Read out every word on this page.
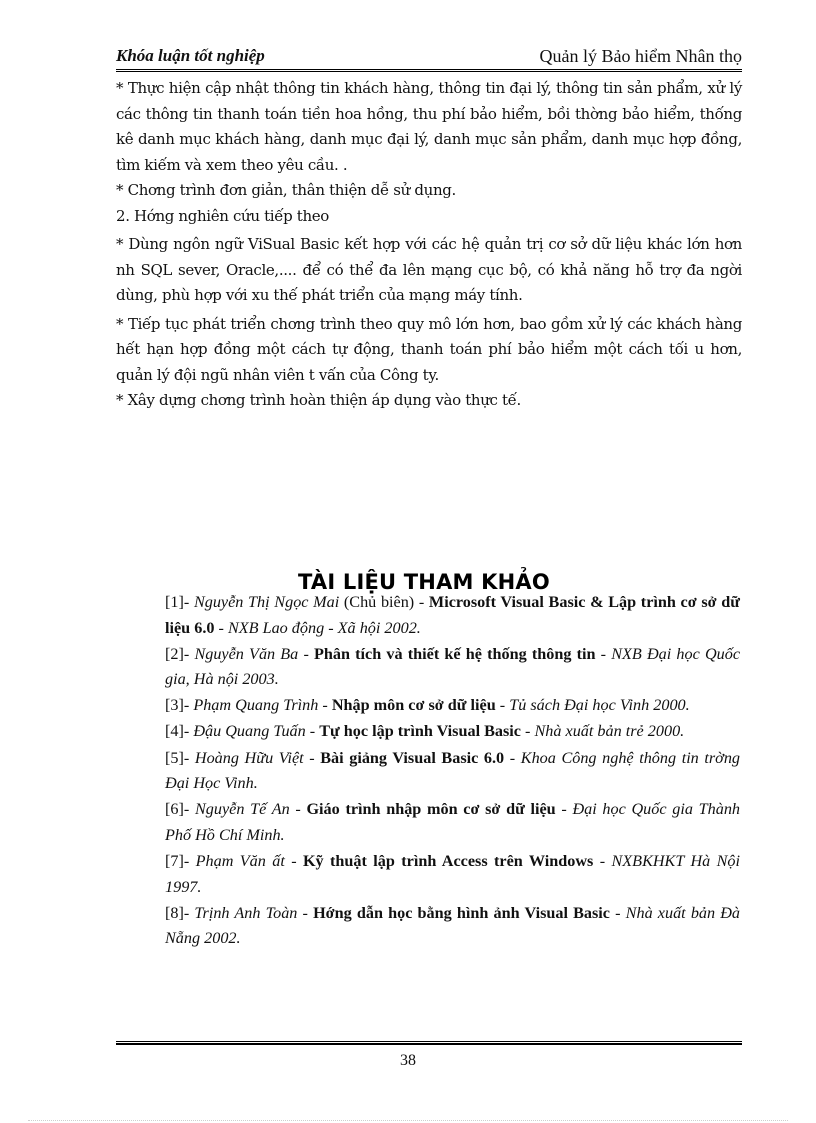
Khóa luận tốt nghiệp	Quản lý Bảo hiểm Nhân thọ

* Thực hiện cập nhật thông tin khách hàng, thông tin đại lý, thông tin sản phẩm, xử lý các thông tin thanh toán tiền hoa hồng, thu phí bảo hiểm, bồi thờng bảo hiểm, thống kê danh mục khách hàng, danh mục đại lý, danh mục sản phẩm, danh mục hợp đồng, tìm kiếm và xem theo yêu cầu. .

* Chơng trình đơn giản, thân thiện dễ sử dụng.

2. Hớng nghiên cứu tiếp theo

* Dùng ngôn ngữ ViSual Basic kết hợp với các hệ quản trị cơ sở dữ liệu khác lớn hơn nh SQL sever, Oracle,.... để có thể đa lên mạng cục bộ, có khả năng hỗ trợ đa ngời dùng, phù hợp với xu thế phát triển của mạng máy tính.

* Tiếp tục phát triển chơng trình theo quy mô lớn hơn, bao gồm xử lý các khách hàng hết hạn hợp đồng một cách tự động, thanh toán phí bảo hiểm một cách tối u hơn, quản lý đội ngũ nhân viên t vấn của Công ty.

* Xây dựng chơng trình hoàn thiện áp dụng vào thực tế.

TÀI LIỆU THAM KHẢO

[1]- Nguyễn Thị Ngọc Mai (Chủ biên) - Microsoft Visual Basic & Lập trình cơ sở dữ liệu 6.0 - NXB Lao động - Xã hội 2002.

[2]- Nguyễn Văn Ba - Phân tích và thiết kế hệ thống thông tin - NXB Đại học Quốc gia, Hà nội 2003.

[3]- Phạm Quang Trình - Nhập môn cơ sở dữ liệu - Tủ sách Đại học Vinh 2000.

[4]- Đậu Quang Tuấn - Tự học lập trình Visual Basic - Nhà xuất bản trẻ 2000.

[5]- Hoàng Hữu Việt - Bài giảng Visual Basic 6.0 - Khoa Công nghệ thông tin trờng Đại Học Vinh.

[6]- Nguyễn Tế An - Giáo trình nhập môn cơ sở dữ liệu - Đại học Quốc gia Thành Phố Hồ Chí Minh.

[7]- Phạm Văn ất - Kỹ thuật lập trình Access trên Windows - NXBKHKT Hà Nội 1997.

[8]- Trịnh Anh Toàn - Hớng dẫn học bằng hình ảnh Visual Basic - Nhà xuất bản Đà Nẵng 2002.

38
